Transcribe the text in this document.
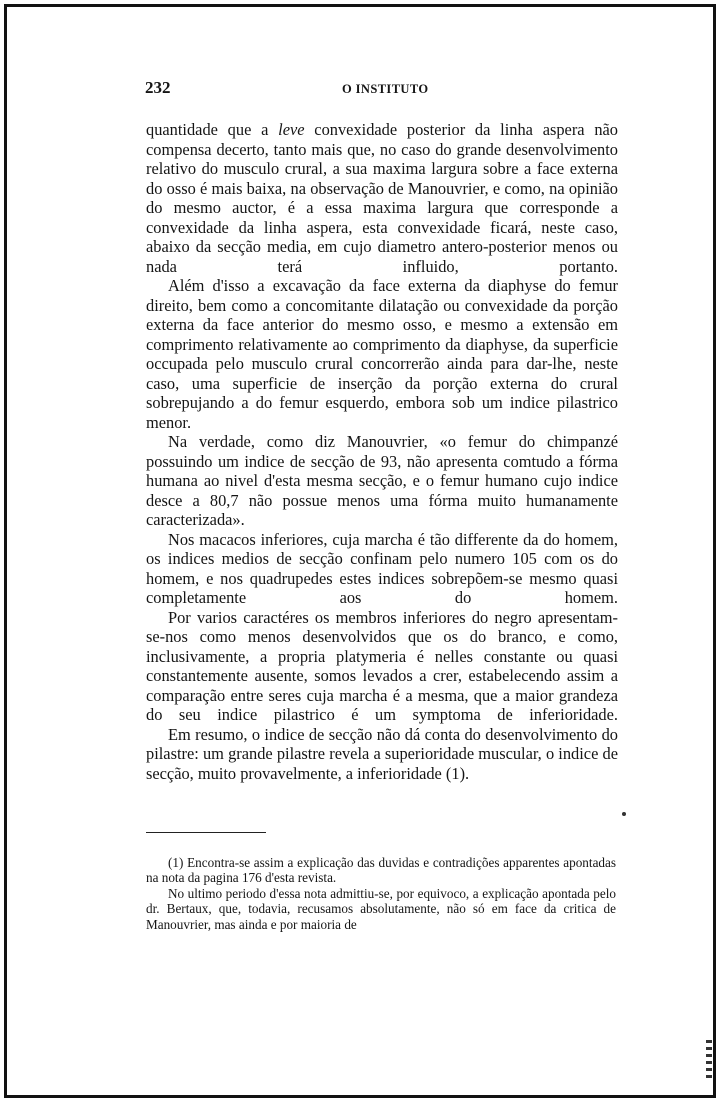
232	O INSTITUTO

quantidade que a leve convexidade posterior da linha aspera não compensa decerto, tanto mais que, no caso do grande desenvolvimento relativo do musculo crural, a sua maxima largura sobre a face externa do osso é mais baixa, na observação de Manouvrier, e como, na opinião do mesmo auctor, é a essa maxima largura que corresponde a convexidade da linha aspera, esta convexidade ficará, neste caso, abaixo da secção media, em cujo diametro antero-posterior menos ou nada terá influido, portanto.

Além d'isso a excavação da face externa da diaphyse do femur direito, bem como a concomitante dilatação ou convexidade da porção externa da face anterior do mesmo osso, e mesmo a extensão em comprimento relativamente ao comprimento da diaphyse, da superficie occupada pelo musculo crural concorrerão ainda para dar-lhe, neste caso, uma superficie de inserção da porção externa do crural sobrepujando a do femur esquerdo, embora sob um indice pilastrico menor.

Na verdade, como diz Manouvrier, «o femur do chimpanzé possuindo um indice de secção de 93, não apresenta comtudo a fórma humana ao nivel d'esta mesma secção, e o femur humano cujo indice desce a 80,7 não possue menos uma fórma muito humanamente caracterizada».

Nos macacos inferiores, cuja marcha é tão differente da do homem, os indices medios de secção confinam pelo numero 105 com os do homem, e nos quadrupedes estes indices sobrepõem-se mesmo quasi completamente aos do homem.

Por varios caractéres os membros inferiores do negro apresentam-se-nos como menos desenvolvidos que os do branco, e como, inclusivamente, a propria platymeria é nelles constante ou quasi constantemente ausente, somos levados a crer, estabelecendo assim a comparação entre seres cuja marcha é a mesma, que a maior grandeza do seu indice pilastrico é um symptoma de inferioridade.

Em resumo, o indice de secção não dá conta do desenvolvimento do pilastre: um grande pilastre revela a superioridade muscular, o indice de secção, muito provavelmente, a inferioridade (1).

(1) Encontra-se assim a explicação das duvidas e contradições apparentes apontadas na nota da pagina 176 d'esta revista.

No ultimo periodo d'essa nota admittiu-se, por equivoco, a explicação apontada pelo dr. Bertaux, que, todavia, recusamos absolutamente, não só em face da critica de Manouvrier, mas ainda e por maioria de
